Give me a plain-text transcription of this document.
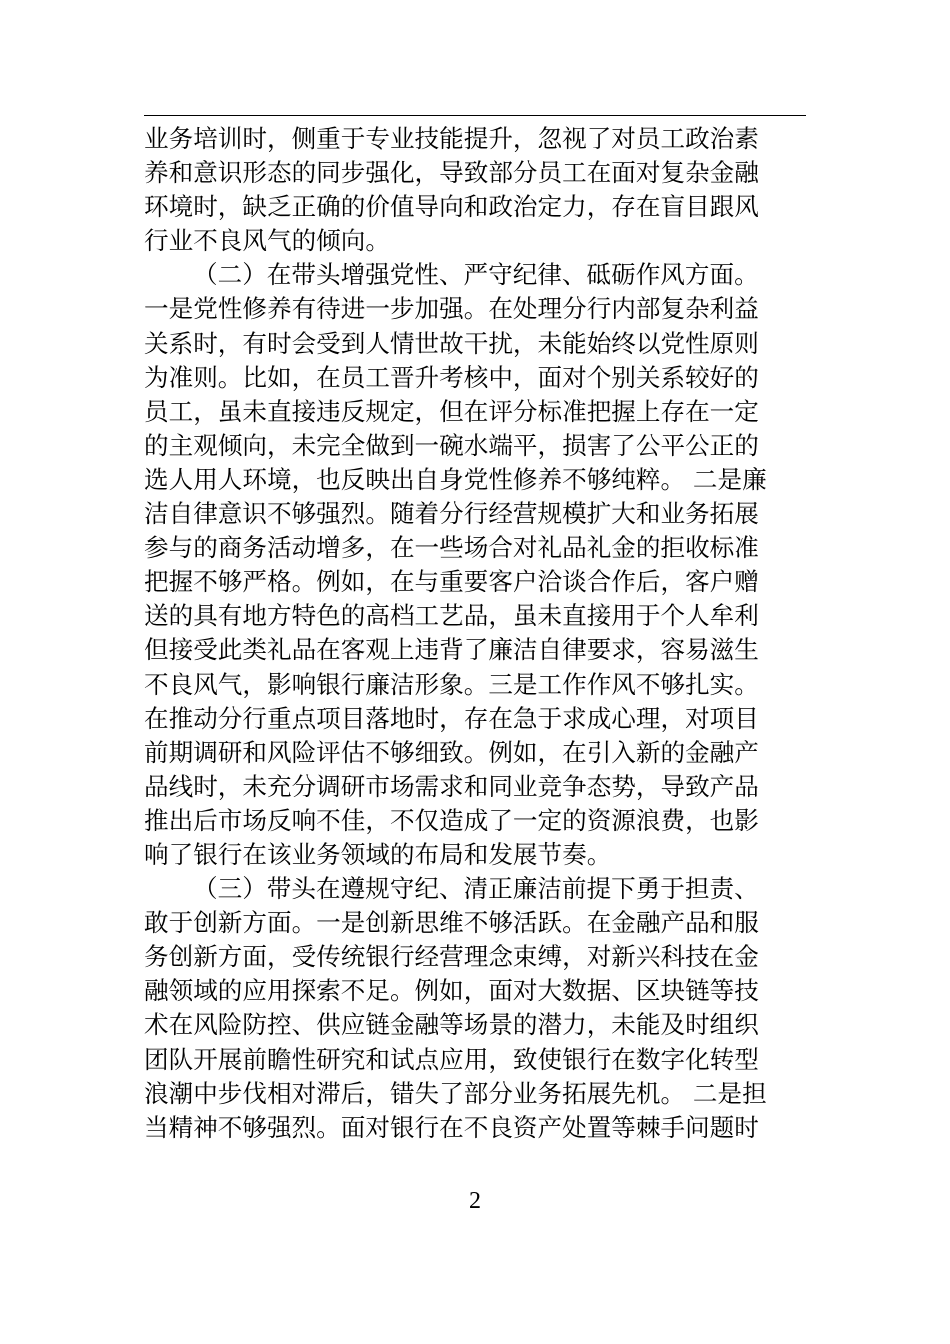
业务培训时，侧重于专业技能提升，忽视了对员工政治素
养和意识形态的同步强化，导致部分员工在面对复杂金融
环境时，缺乏正确的价值导向和政治定力，存在盲目跟风
行业不良风气的倾向。
（二）在带头增强党性、严守纪律、砥砺作风方面。
一是党性修养有待进一步加强。在处理分行内部复杂利益
关系时，有时会受到人情世故干扰，未能始终以党性原则
为准则。比如，在员工晋升考核中，面对个别关系较好的
员工，虽未直接违反规定，但在评分标准把握上存在一定
的主观倾向，未完全做到一碗水端平，损害了公平公正的
选人用人环境，也反映出自身党性修养不够纯粹。 二是廉
洁自律意识不够强烈。随着分行经营规模扩大和业务拓展
参与的商务活动增多，在一些场合对礼品礼金的拒收标准
把握不够严格。例如，在与重要客户洽谈合作后，客户赠
送的具有地方特色的高档工艺品，虽未直接用于个人牟利
但接受此类礼品在客观上违背了廉洁自律要求，容易滋生
不良风气，影响银行廉洁形象。三是工作作风不够扎实。
在推动分行重点项目落地时，存在急于求成心理，对项目
前期调研和风险评估不够细致。例如，在引入新的金融产
品线时，未充分调研市场需求和同业竞争态势，导致产品
推出后市场反响不佳，不仅造成了一定的资源浪费，也影
响了银行在该业务领域的布局和发展节奏。
（三）带头在遵规守纪、清正廉洁前提下勇于担责、
敢于创新方面。一是创新思维不够活跃。在金融产品和服
务创新方面，受传统银行经营理念束缚，对新兴科技在金
融领域的应用探索不足。例如，面对大数据、区块链等技
术在风险防控、供应链金融等场景的潜力，未能及时组织
团队开展前瞻性研究和试点应用，致使银行在数字化转型
浪潮中步伐相对滞后，错失了部分业务拓展先机。 二是担
当精神不够强烈。面对银行在不良资产处置等棘手问题时
2
